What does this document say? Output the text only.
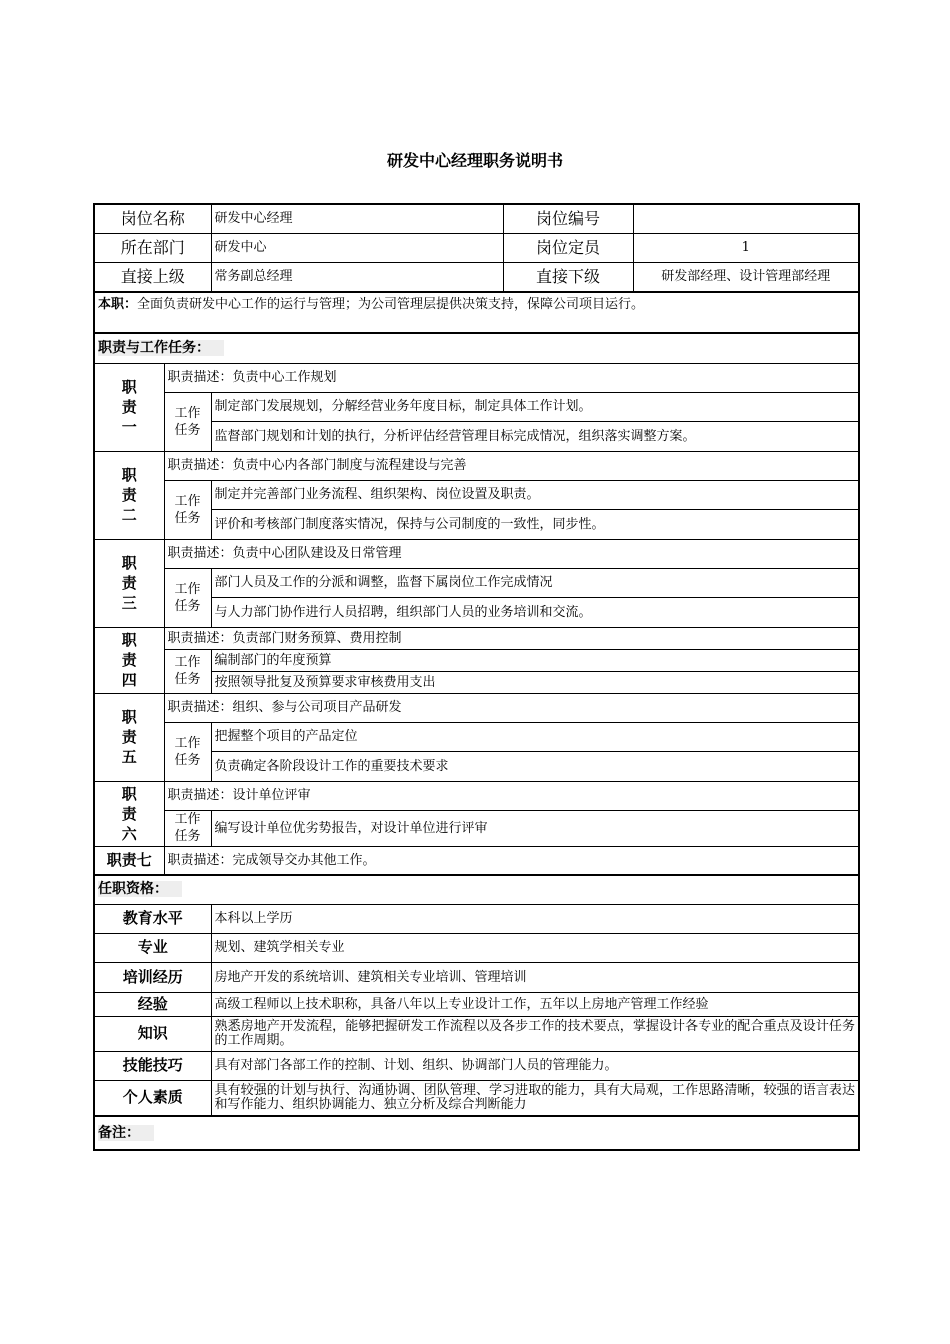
研发中心经理职务说明书
岗位名称		研发中心经理	岗位编号	
所在部门		研发中心	岗位定员	1
直接上级		常务副总经理	直接下级	研发部经理、设计管理部经理
本职：全面负责研发中心工作的运行与管理；为公司管理层提供决策支持，保障公司项目运行。				
职责与工作任务：				

职
责
一	职责描述：负责中心工作规划			

	工作
任务	制定部门发展规划，分解经营业务年度目标，制定具体工作计划。		
		监督部门规划和计划的执行，分析评估经营管理目标完成情况，组织落实调整方案。		

职
责
二	职责描述：负责中心内各部门制度与流程建设与完善			

	工作
任务	制定并完善部门业务流程、组织架构、岗位设置及职责。		
		评价和考核部门制度落实情况，保持与公司制度的一致性，同步性。		

职
责
三	职责描述：负责中心团队建设及日常管理			

	工作
任务	部门人员及工作的分派和调整，监督下属岗位工作完成情况		
		与人力部门协作进行人员招聘，组织部门人员的业务培训和交流。		

职
责
四	职责描述：负责部门财务预算、费用控制			

	工作
任务	编制部门的年度预算		
		按照领导批复及预算要求审核费用支出		

职
责
五	职责描述：组织、参与公司项目产品研发			

	工作
任务	把握整个项目的产品定位		
		负责确定各阶段设计工作的重要技术要求		

职
责
六	职责描述：设计单位评审			

	工作
任务	编写设计单位优劣势报告，对设计单位进行评审		
职责七	职责描述：完成领导交办其他工作。			
任职资格：				
教育水平		本科以上学历		
专业		规划、建筑学相关专业		
培训经历		房地产开发的系统培训、建筑相关专业培训、管理培训		
经验		高级工程师以上技术职称，具备八年以上专业设计工作，五年以上房地产管理工作经验		
知识		熟悉房地产开发流程，能够把握研发工作流程以及各步工作的技术要点，掌握设计各专业的配合重点及设计任务的工作周期。		
技能技巧		具有对部门各部工作的控制、计划、组织、协调部门人员的管理能力。		
个人素质		具有较强的计划与执行、沟通协调、团队管理、学习进取的能力，具有大局观，工作思路清晰，较强的语言表达和写作能力、组织协调能力、独立分析及综合判断能力		
备注：				
